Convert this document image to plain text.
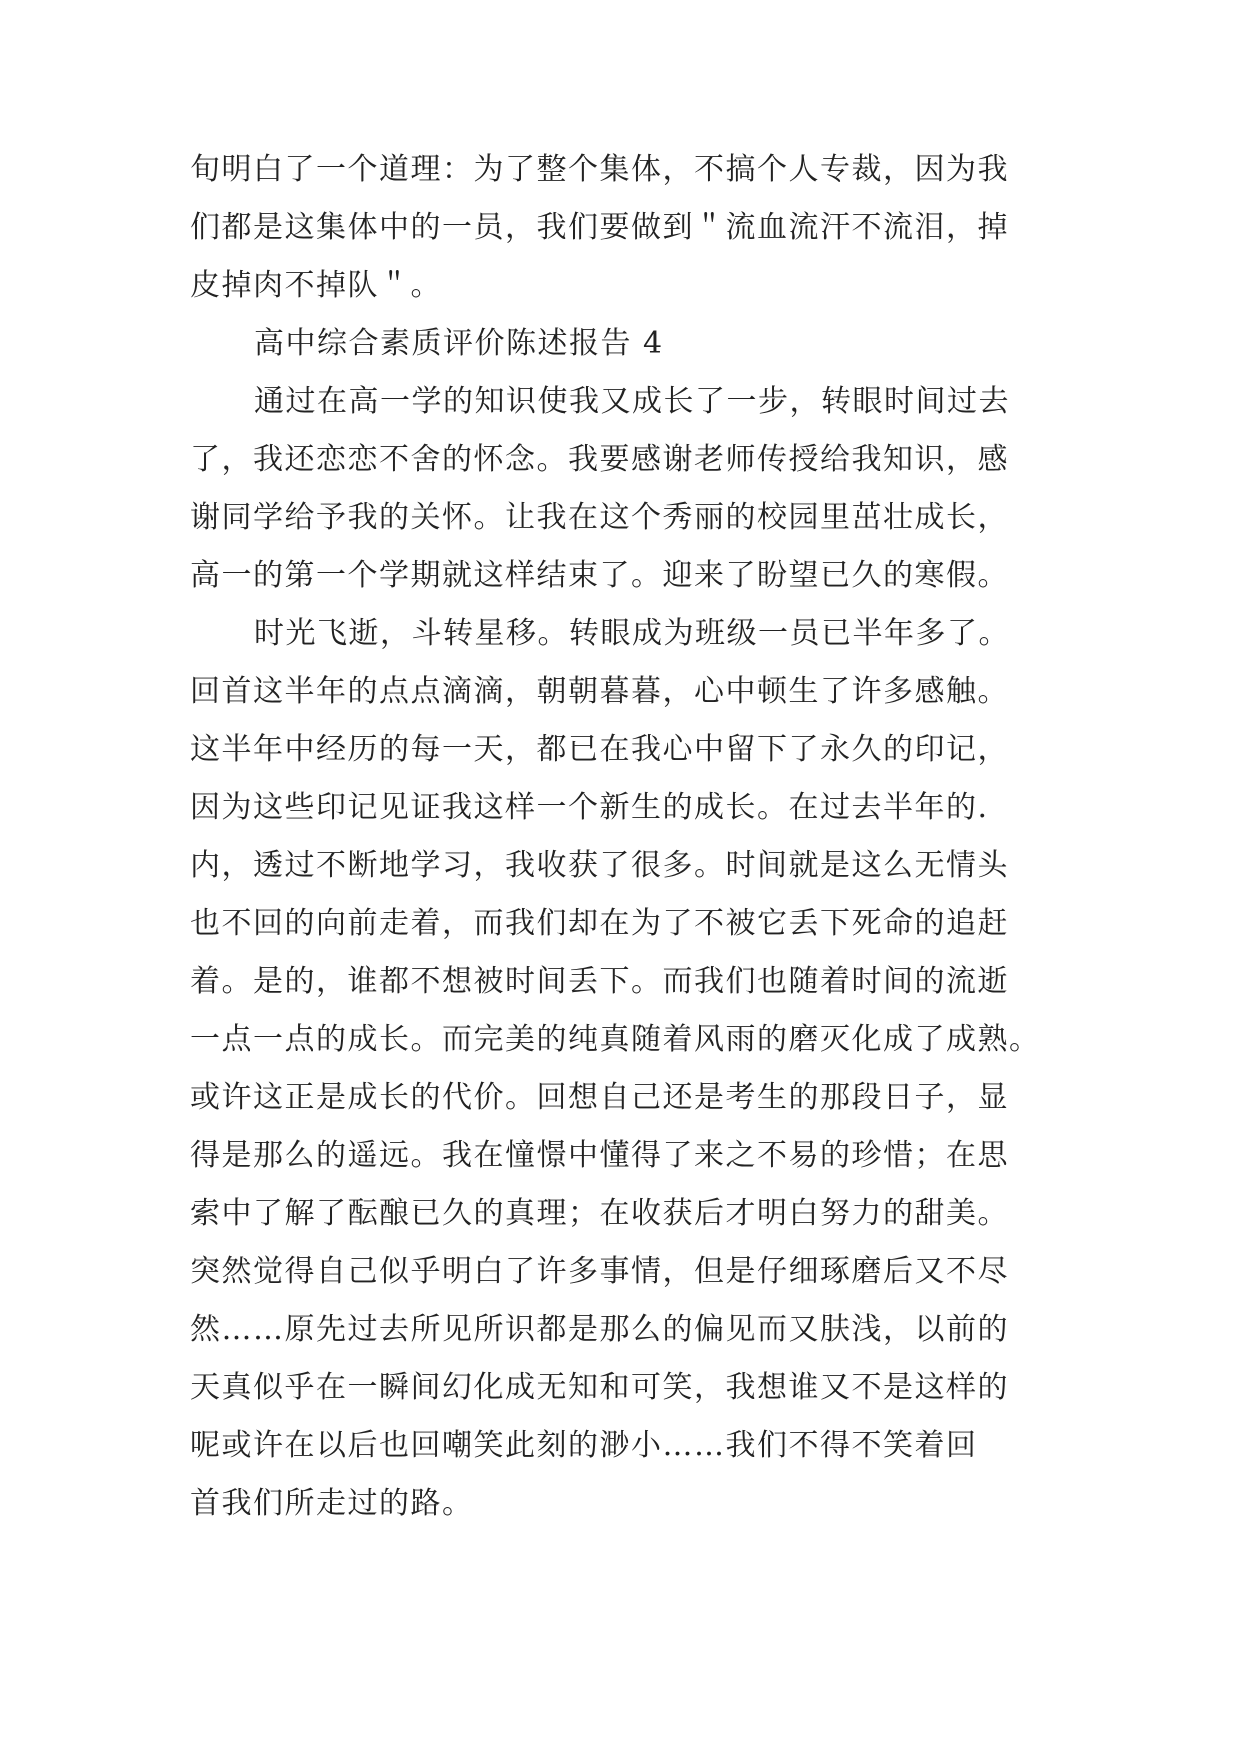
旬明白了一个道理：为了整个集体，不搞个人专裁，因为我
们都是这集体中的一员，我们要做到＂流血流汗不流泪，掉
皮掉肉不掉队＂。
高中综合素质评价陈述报告 4
通过在高一学的知识使我又成长了一步，转眼时间过去
了，我还恋恋不舍的怀念。我要感谢老师传授给我知识，感
谢同学给予我的关怀。让我在这个秀丽的校园里茁壮成长，
高一的第一个学期就这样结束了。迎来了盼望已久的寒假。
时光飞逝，斗转星移。转眼成为班级一员已半年多了。
回首这半年的点点滴滴，朝朝暮暮，心中顿生了许多感触。
这半年中经历的每一天，都已在我心中留下了永久的印记，
因为这些印记见证我这样一个新生的成长。在过去半年的.
内，透过不断地学习，我收获了很多。时间就是这么无情头
也不回的向前走着，而我们却在为了不被它丢下死命的追赶
着。是的，谁都不想被时间丢下。而我们也随着时间的流逝
一点一点的成长。而完美的纯真随着风雨的磨灭化成了成熟。
或许这正是成长的代价。回想自己还是考生的那段日子，显
得是那么的遥远。我在憧憬中懂得了来之不易的珍惜；在思
索中了解了酝酿已久的真理；在收获后才明白努力的甜美。
突然觉得自己似乎明白了许多事情，但是仔细琢磨后又不尽
然……原先过去所见所识都是那么的偏见而又肤浅，以前的
天真似乎在一瞬间幻化成无知和可笑，我想谁又不是这样的
呢或许在以后也回嘲笑此刻的渺小……我们不得不笑着回
首我们所走过的路。
